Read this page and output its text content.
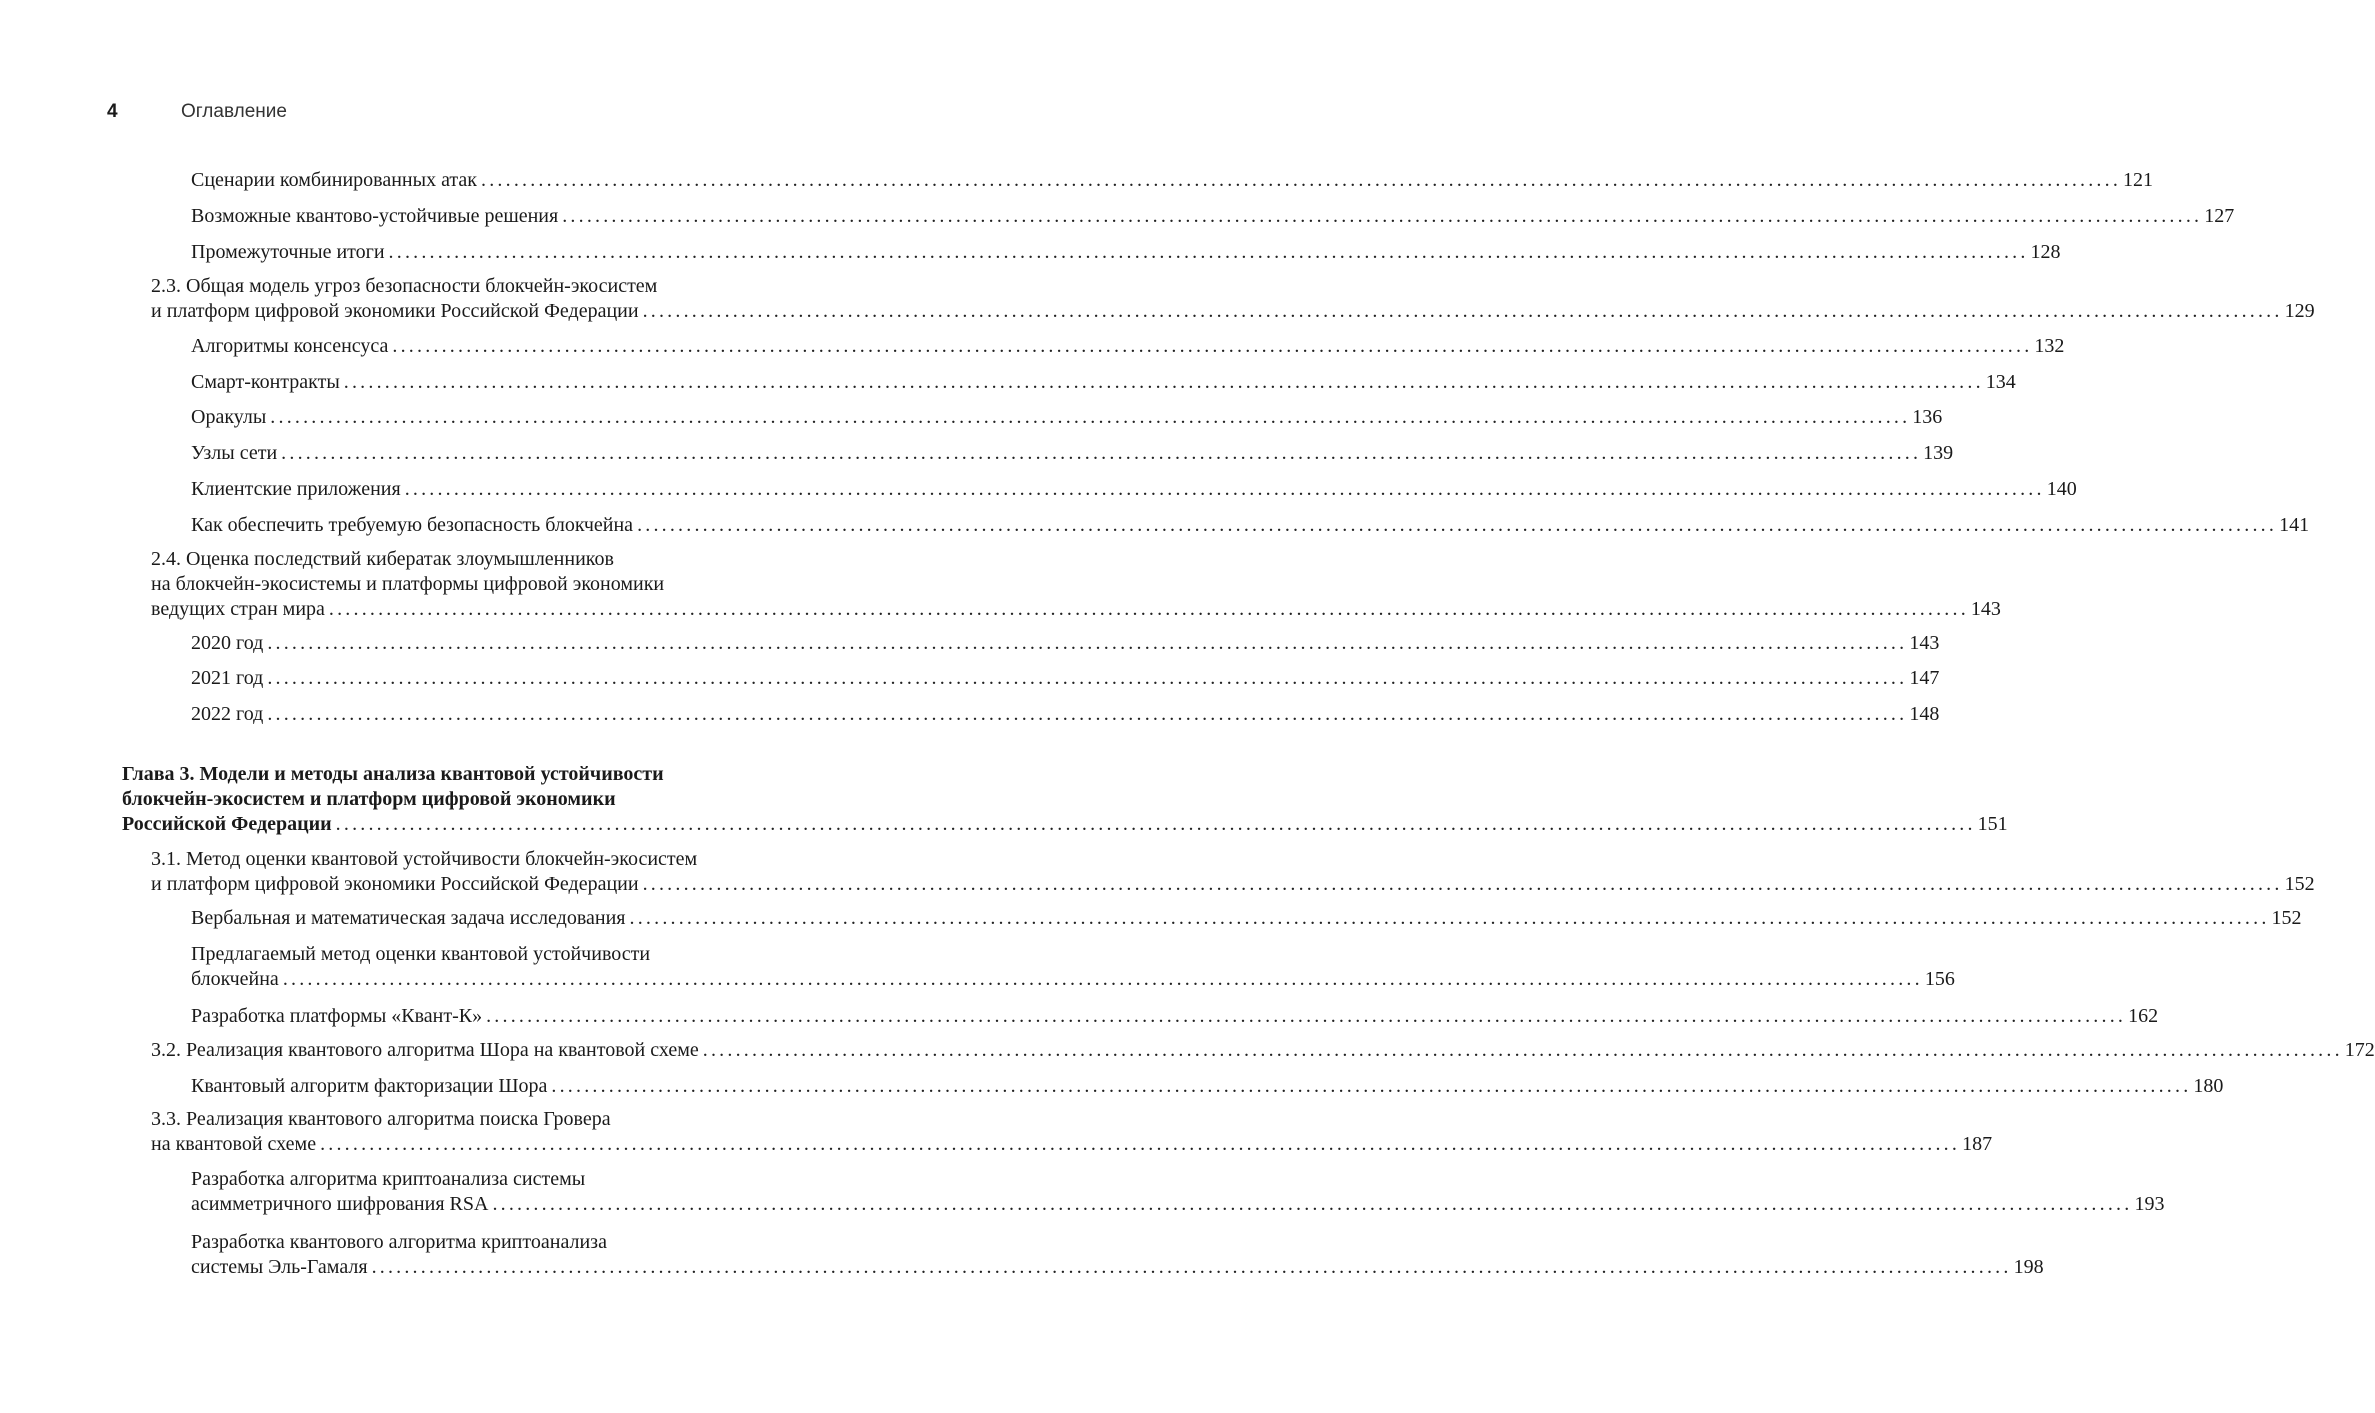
4	Оглавление
Сценарии комбинированных атак ........................................................................................................................................................................................................ 121
Возможные квантово-устойчивые решения ........................................................................................................................................................................................................ 127
Промежуточные итоги ........................................................................................................................................................................................................ 128
2.3. Общая модель угроз безопасности блокчейн-экосистем
и платформ цифровой экономики Российской Федерации ........................................................................................................................................................................................................ 129
Алгоритмы консенсуса ........................................................................................................................................................................................................ 132
Смарт-контракты ........................................................................................................................................................................................................ 134
Оракулы ........................................................................................................................................................................................................ 136
Узлы сети ........................................................................................................................................................................................................ 139
Клиентские приложения ........................................................................................................................................................................................................ 140
Как обеспечить требуемую безопасность блокчейна ........................................................................................................................................................................................................ 141
2.4. Оценка последствий кибератак злоумышленников
на блокчейн-экосистемы и платформы цифровой экономики
ведущих стран мира ........................................................................................................................................................................................................ 143
2020 год ........................................................................................................................................................................................................ 143
2021 год ........................................................................................................................................................................................................ 147
2022 год ........................................................................................................................................................................................................ 148
Глава 3. Модели и методы анализа квантовой устойчивости
блокчейн-экосистем и платформ цифровой экономики
Российской Федерации ........................................................................................................................................................................................................ 151
3.1. Метод оценки квантовой устойчивости блокчейн-экосистем
и платформ цифровой экономики Российской Федерации ........................................................................................................................................................................................................ 152
Вербальная и математическая задача исследования ........................................................................................................................................................................................................ 152
Предлагаемый метод оценки квантовой устойчивости
блокчейна ........................................................................................................................................................................................................ 156
Разработка платформы «Квант-К» ........................................................................................................................................................................................................ 162
3.2. Реализация квантового алгоритма Шора на квантовой схеме ........................................................................................................................................................................................................ 172
Квантовый алгоритм факторизации Шора ........................................................................................................................................................................................................ 180
3.3. Реализация квантового алгоритма поиска Гровера
на квантовой схеме ........................................................................................................................................................................................................ 187
Разработка алгоритма криптоанализа системы
асимметричного шифрования RSA ........................................................................................................................................................................................................ 193
Разработка квантового алгоритма криптоанализа
системы Эль-Гамаля ........................................................................................................................................................................................................ 198
